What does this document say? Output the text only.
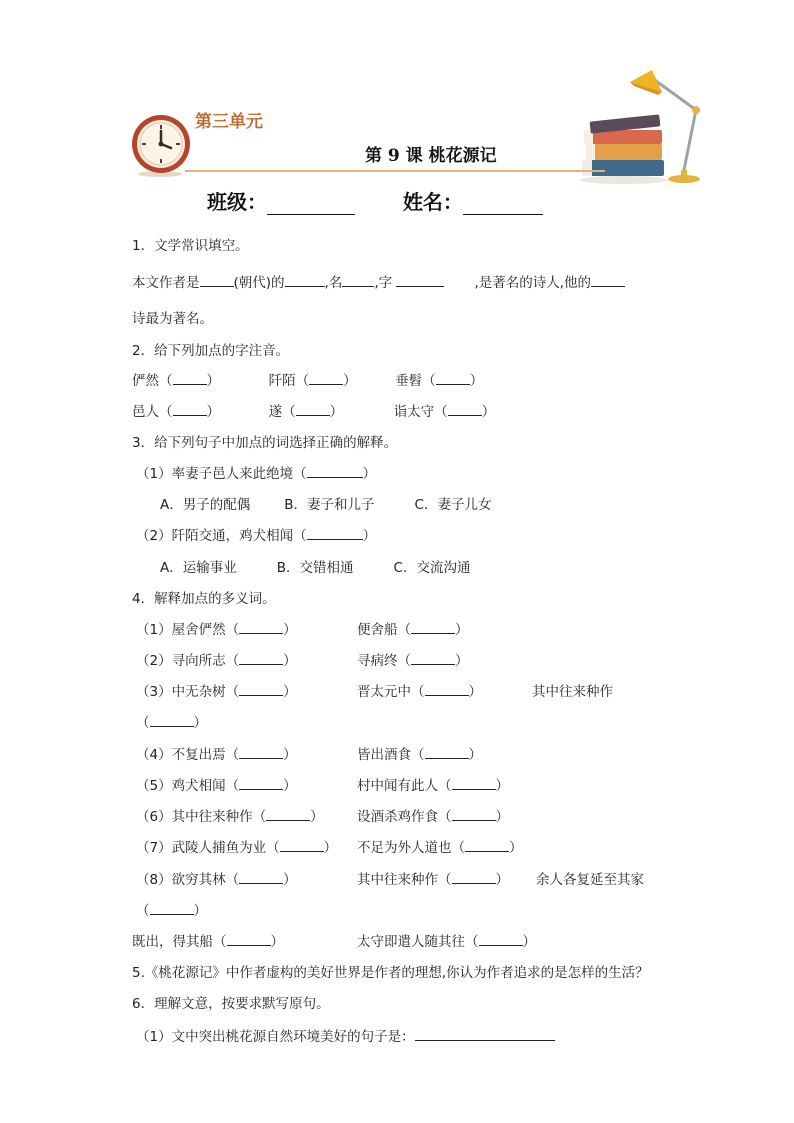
第三单元
第 9 课 桃花源记
班级：	姓名：
1．文学常识填空。
本文作者是	(朝代)的	,名 ,字	,是著名的诗人,他的
诗最为著名。
2．给下列加点的字注音。
俨然（	）	阡陌（	）	垂髫（	）
邑人（	）	遂（	）	诣太守（	）
3．给下列句子中加点的词选择正确的解释。
（1）率妻子邑人来此绝境（	）
A．男子的配偶	B．妻子和儿子	C．妻子儿女
（2）阡陌交通，鸡犬相闻（	）
A．运输事业	B．交错相通	C．交流沟通
4．解释加点的多义词。
（1）屋舍俨然（	）	便舍船（	）
（2）寻向所志（	）	寻病终（	）
（3）中无杂树（	）	晋太元中（	）	其中往来种作
（	）
（4）不复出焉（	）	皆出酒食（	）
（5）鸡犬相闻（	）	村中闻有此人（	）
（6）其中往来种作（	） 设酒杀鸡作食（	）
（7）武陵人捕鱼为业（	） 不足为外人道也（	）
（8）欲穷其林（	）	其中往来种作（	） 余人各复延至其家
（	）
既出，得其船（	）	太守即遣人随其往（	）
5.《桃花源记》中作者虚构的美好世界是作者的理想,你认为作者追求的是怎样的生活？
6．理解文意，按要求默写原句。
（1）文中突出桃花源自然环境美好的句子是：
